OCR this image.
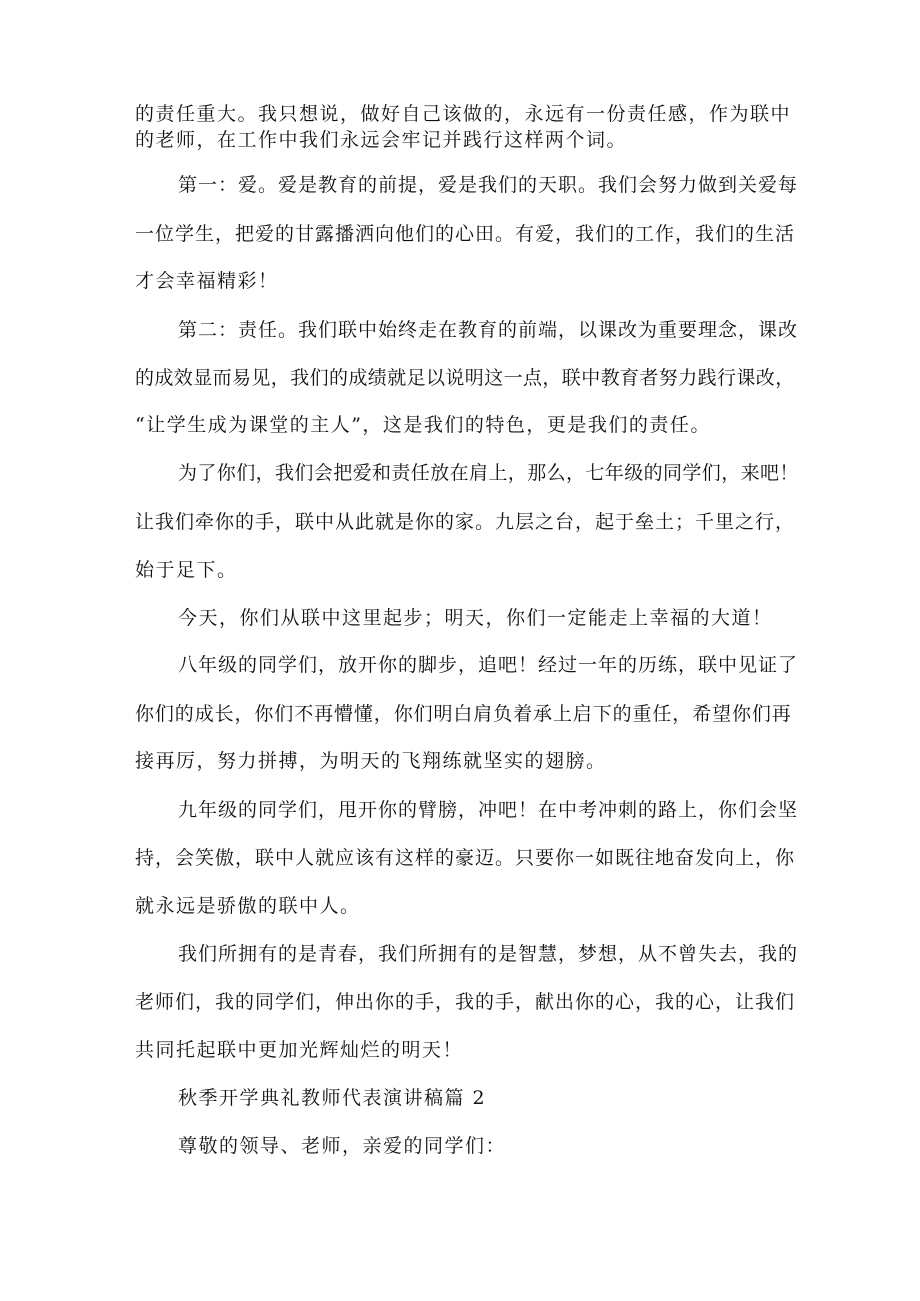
的责任重大。我只想说，做好自己该做的，永远有一份责任感，作为联中
的老师，在工作中我们永远会牢记并践行这样两个词。
第一：爱。爱是教育的前提，爱是我们的天职。我们会努力做到关爱每
一位学生，把爱的甘露播洒向他们的心田。有爱，我们的工作，我们的生活
才会幸福精彩！
第二：责任。我们联中始终走在教育的前端，以课改为重要理念，课改
的成效显而易见，我们的成绩就足以说明这一点，联中教育者努力践行课改，
“让学生成为课堂的主人”，这是我们的特色，更是我们的责任。
为了你们，我们会把爱和责任放在肩上，那么，七年级的同学们，来吧！
让我们牵你的手，联中从此就是你的家。九层之台，起于垒土；千里之行，
始于足下。
今天，你们从联中这里起步；明天，你们一定能走上幸福的大道！
八年级的同学们，放开你的脚步，追吧！经过一年的历练，联中见证了
你们的成长，你们不再懵懂，你们明白肩负着承上启下的重任，希望你们再
接再厉，努力拼搏，为明天的飞翔练就坚实的翅膀。
九年级的同学们，甩开你的臂膀，冲吧！在中考冲刺的路上，你们会坚
持，会笑傲，联中人就应该有这样的豪迈。只要你一如既往地奋发向上，你
就永远是骄傲的联中人。
我们所拥有的是青春，我们所拥有的是智慧，梦想，从不曾失去，我的
老师们，我的同学们，伸出你的手，我的手，献出你的心，我的心，让我们
共同托起联中更加光辉灿烂的明天！
秋季开学典礼教师代表演讲稿篇 2
尊敬的领导、老师，亲爱的同学们：
